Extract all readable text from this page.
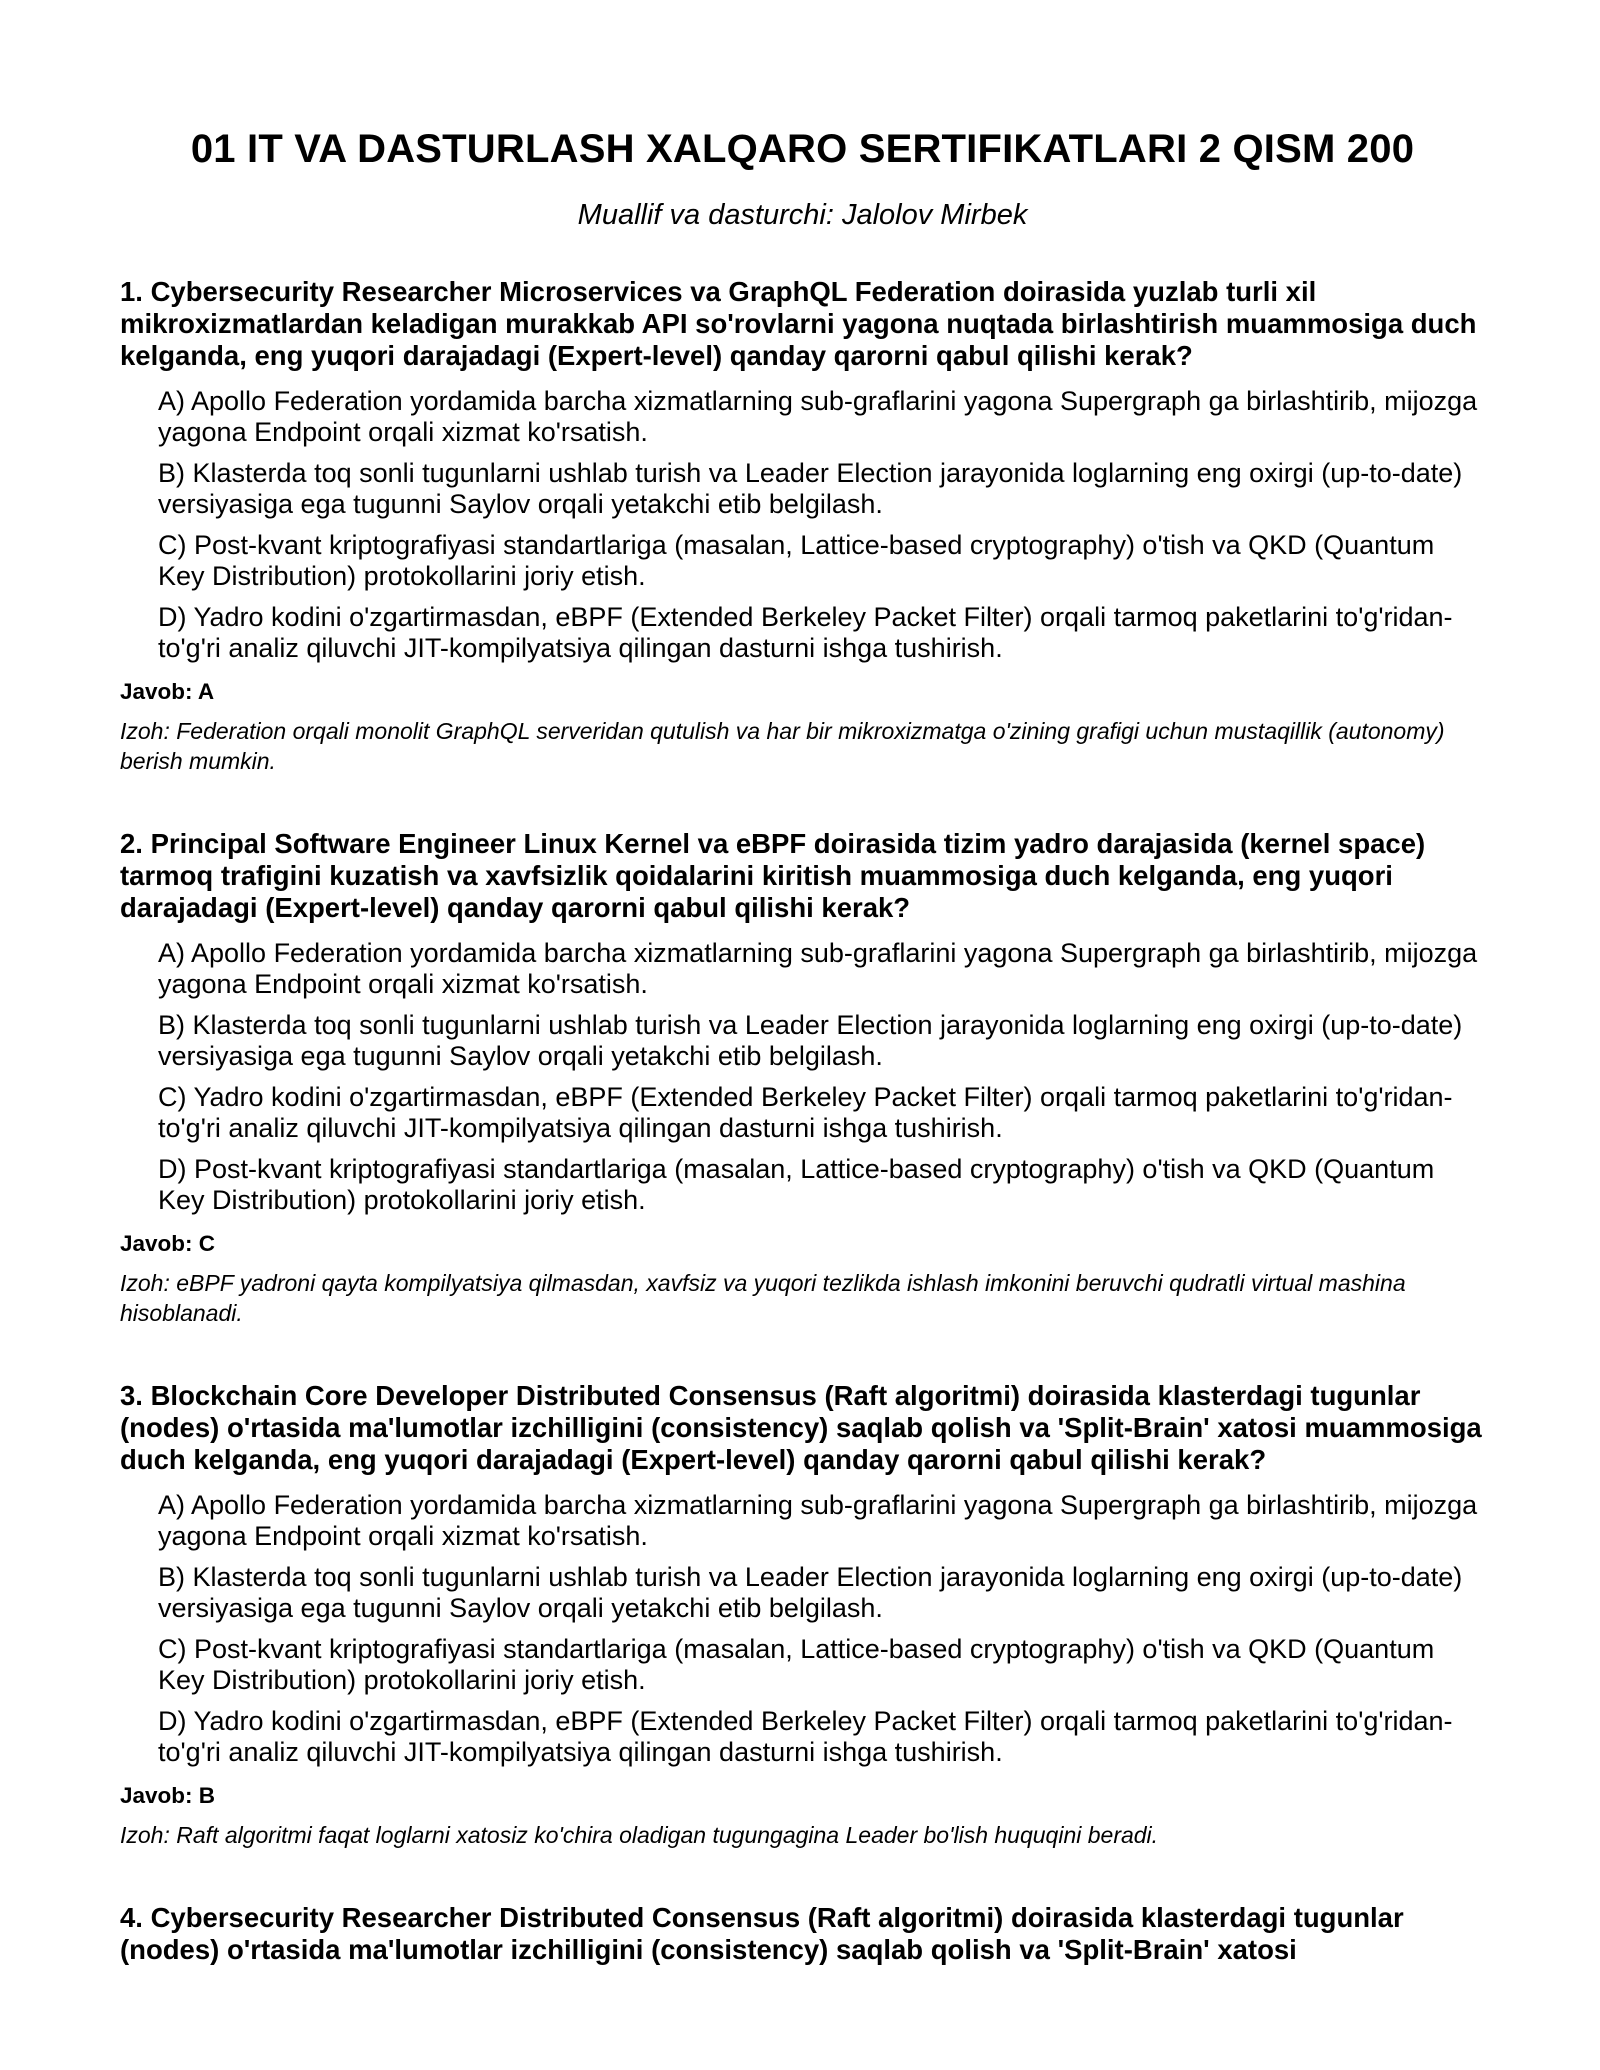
01 IT VA DASTURLASH XALQARO SERTIFIKATLARI 2 QISM 200

Muallif va dasturchi: Jalolov Mirbek

1. Cybersecurity Researcher Microservices va GraphQL Federation doirasida yuzlab turli xil mikroxizmatlardan keladigan murakkab API so'rovlarni yagona nuqtada birlashtirish muammosiga duch kelganda, eng yuqori darajadagi (Expert-level) qanday qarorni qabul qilishi kerak?

A) Apollo Federation yordamida barcha xizmatlarning sub-graflarini yagona Supergraph ga birlashtirib, mijozga yagona Endpoint orqali xizmat ko'rsatish.
B) Klasterda toq sonli tugunlarni ushlab turish va Leader Election jarayonida loglarning eng oxirgi (up-to-date) versiyasiga ega tugunni Saylov orqali yetakchi etib belgilash.
C) Post-kvant kriptografiyasi standartlariga (masalan, Lattice-based cryptography) o'tish va QKD (Quantum Key Distribution) protokollarini joriy etish.
D) Yadro kodini o'zgartirmasdan, eBPF (Extended Berkeley Packet Filter) orqali tarmoq paketlarini to'g'ridan-to'g'ri analiz qiluvchi JIT-kompilyatsiya qilingan dasturni ishga tushirish.

Javob: A

Izoh: Federation orqali monolit GraphQL serveridan qutulish va har bir mikroxizmatga o'zining grafigi uchun mustaqillik (autonomy) berish mumkin.

2. Principal Software Engineer Linux Kernel va eBPF doirasida tizim yadro darajasida (kernel space) tarmoq trafigini kuzatish va xavfsizlik qoidalarini kiritish muammosiga duch kelganda, eng yuqori darajadagi (Expert-level) qanday qarorni qabul qilishi kerak?

A) Apollo Federation yordamida barcha xizmatlarning sub-graflarini yagona Supergraph ga birlashtirib, mijozga yagona Endpoint orqali xizmat ko'rsatish.
B) Klasterda toq sonli tugunlarni ushlab turish va Leader Election jarayonida loglarning eng oxirgi (up-to-date) versiyasiga ega tugunni Saylov orqali yetakchi etib belgilash.
C) Yadro kodini o'zgartirmasdan, eBPF (Extended Berkeley Packet Filter) orqali tarmoq paketlarini to'g'ridan-to'g'ri analiz qiluvchi JIT-kompilyatsiya qilingan dasturni ishga tushirish.
D) Post-kvant kriptografiyasi standartlariga (masalan, Lattice-based cryptography) o'tish va QKD (Quantum Key Distribution) protokollarini joriy etish.

Javob: C

Izoh: eBPF yadroni qayta kompilyatsiya qilmasdan, xavfsiz va yuqori tezlikda ishlash imkonini beruvchi qudratli virtual mashina hisoblanadi.

3. Blockchain Core Developer Distributed Consensus (Raft algoritmi) doirasida klasterdagi tugunlar (nodes) o'rtasida ma'lumotlar izchilligini (consistency) saqlab qolish va 'Split-Brain' xatosi muammosiga duch kelganda, eng yuqori darajadagi (Expert-level) qanday qarorni qabul qilishi kerak?

A) Apollo Federation yordamida barcha xizmatlarning sub-graflarini yagona Supergraph ga birlashtirib, mijozga yagona Endpoint orqali xizmat ko'rsatish.
B) Klasterda toq sonli tugunlarni ushlab turish va Leader Election jarayonida loglarning eng oxirgi (up-to-date) versiyasiga ega tugunni Saylov orqali yetakchi etib belgilash.
C) Post-kvant kriptografiyasi standartlariga (masalan, Lattice-based cryptography) o'tish va QKD (Quantum Key Distribution) protokollarini joriy etish.
D) Yadro kodini o'zgartirmasdan, eBPF (Extended Berkeley Packet Filter) orqali tarmoq paketlarini to'g'ridan-to'g'ri analiz qiluvchi JIT-kompilyatsiya qilingan dasturni ishga tushirish.

Javob: B

Izoh: Raft algoritmi faqat loglarni xatosiz ko'chira oladigan tugungagina Leader bo'lish huquqini beradi.

4. Cybersecurity Researcher Distributed Consensus (Raft algoritmi) doirasida klasterdagi tugunlar (nodes) o'rtasida ma'lumotlar izchilligini (consistency) saqlab qolish va 'Split-Brain' xatosi
